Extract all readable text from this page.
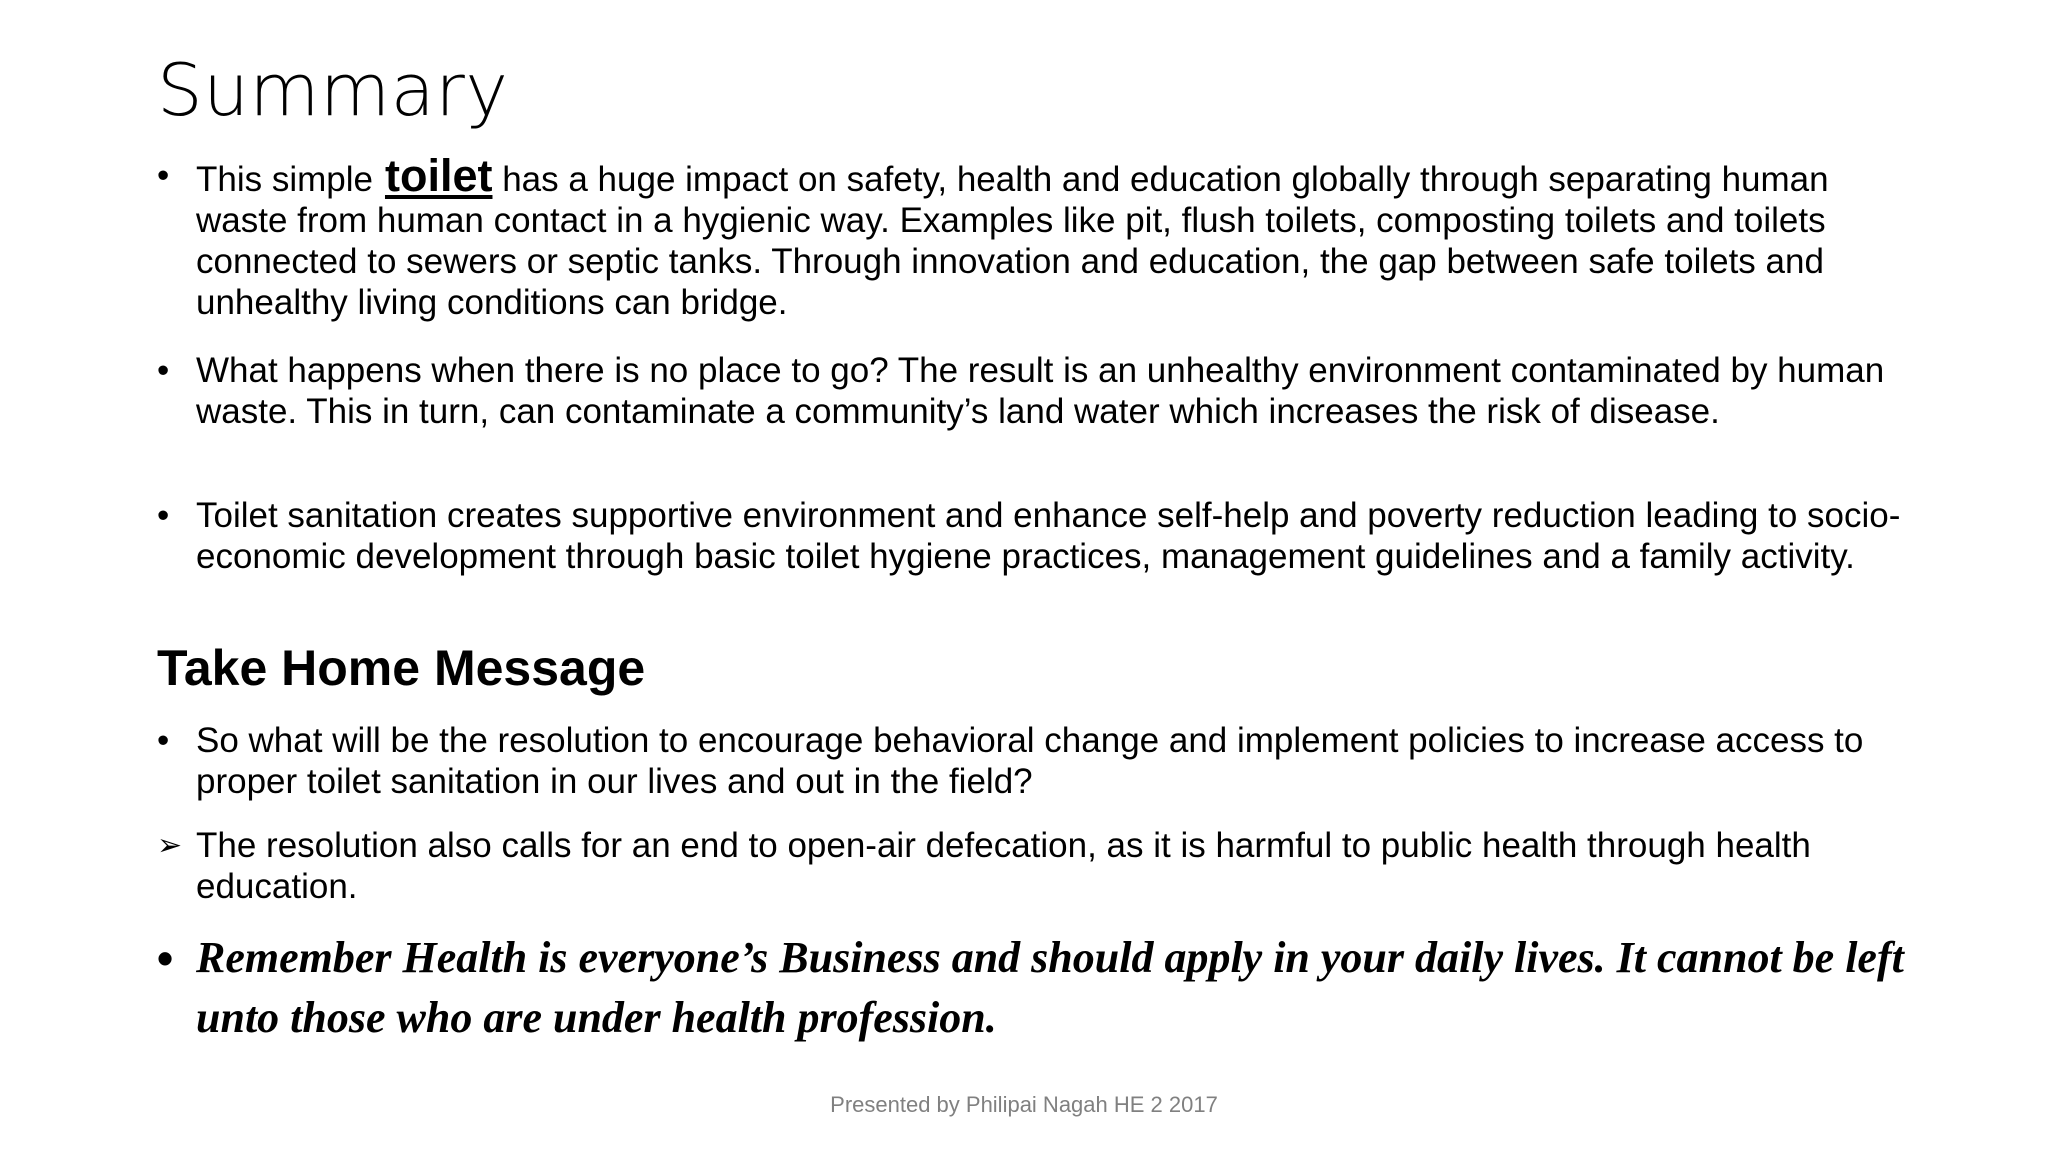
Summary
• This simple toilet has a huge impact on safety, health and education globally through separating human waste from human contact in a hygienic way. Examples like pit, flush toilets, composting toilets and toilets connected to sewers or septic tanks. Through innovation and education, the gap between safe toilets and unhealthy living conditions can bridge.
• What happens when there is no place to go? The result is an unhealthy environment contaminated by human waste. This in turn, can contaminate a community’s land water which increases the risk of disease.
• Toilet sanitation creates supportive environment and enhance self-help and poverty reduction leading to socio-economic development through basic toilet hygiene practices, management guidelines and a family activity.
Take Home Message
• So what will be the resolution to encourage behavioral change and implement policies to increase access to proper toilet sanitation in our lives and out in the field?
➢ The resolution also calls for an end to open-air defecation, as it is harmful to public health through health education.
• Remember Health is everyone’s Business and should apply in your daily lives. It cannot be left unto those who are under health profession.
Presented by Philipai Nagah HE 2 2017
